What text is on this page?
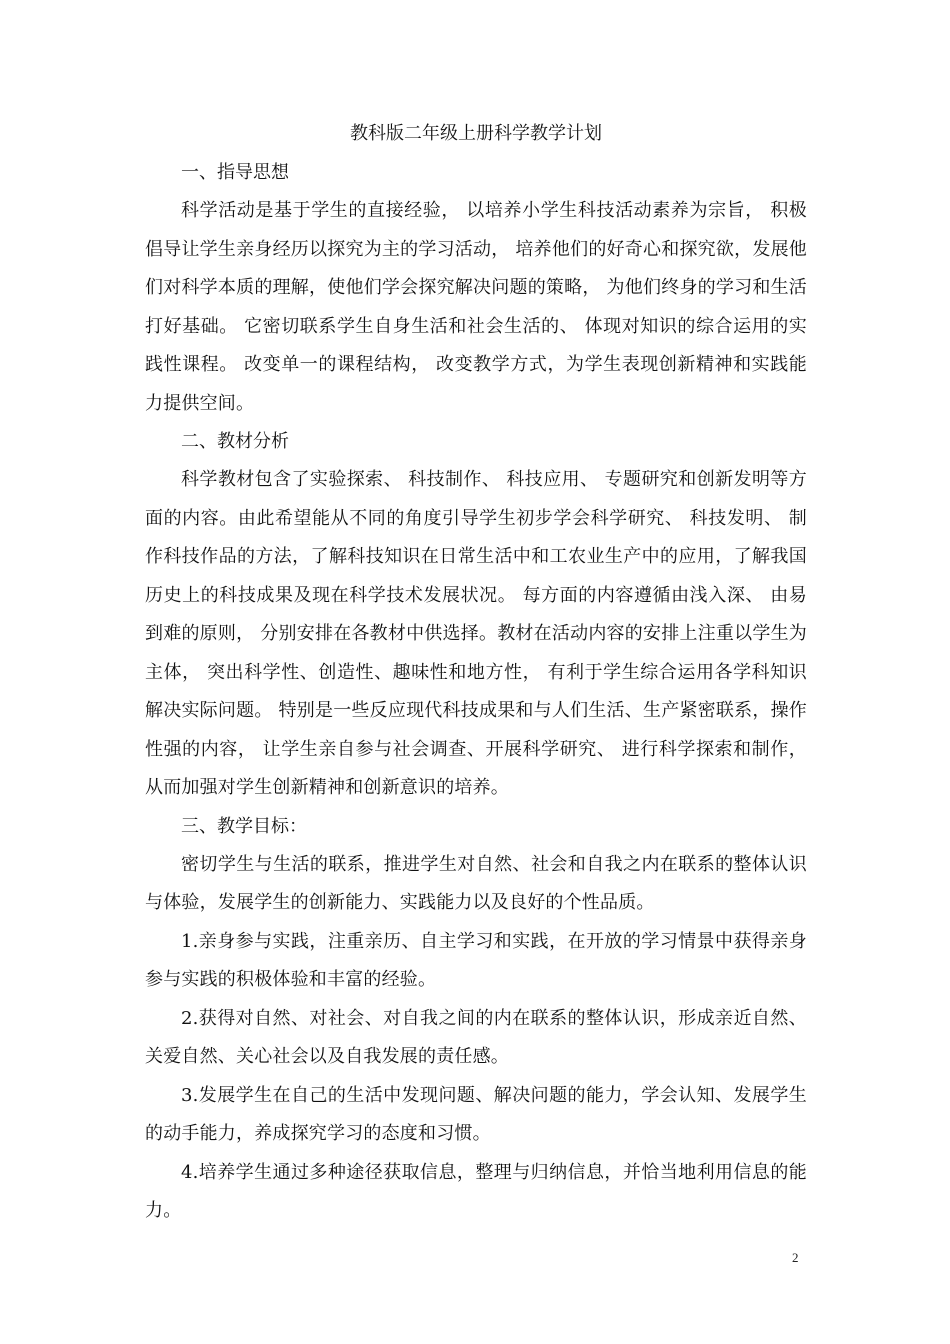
教科版二年级上册科学教学计划

一、指导思想

科学活动是基于学生的直接经验， 以培养小学生科技活动素养为宗旨， 积极倡导让学生亲身经历以探究为主的学习活动， 培养他们的好奇心和探究欲，发展他们对科学本质的理解，使他们学会探究解决问题的策略， 为他们终身的学习和生活打好基础。 它密切联系学生自身生活和社会生活的、 体现对知识的综合运用的实践性课程。 改变单一的课程结构， 改变教学方式，为学生表现创新精神和实践能力提供空间。

二、教材分析

科学教材包含了实验探索、 科技制作、 科技应用、 专题研究和创新发明等方面的内容。由此希望能从不同的角度引导学生初步学会科学研究、 科技发明、 制作科技作品的方法，了解科技知识在日常生活中和工农业生产中的应用，了解我国历史上的科技成果及现在科学技术发展状况。 每方面的内容遵循由浅入深、 由易到难的原则， 分别安排在各教材中供选择。教材在活动内容的安排上注重以学生为主体， 突出科学性、创造性、趣味性和地方性， 有利于学生综合运用各学科知识解决实际问题。 特别是一些反应现代科技成果和与人们生活、生产紧密联系，操作性强的内容， 让学生亲自参与社会调查、开展科学研究、 进行科学探索和制作，从而加强对学生创新精神和创新意识的培养。

三、教学目标：

密切学生与生活的联系，推进学生对自然、社会和自我之内在联系的整体认识与体验，发展学生的创新能力、实践能力以及良好的个性品质。

1.亲身参与实践，注重亲历、自主学习和实践，在开放的学习情景中获得亲身参与实践的积极体验和丰富的经验。

2.获得对自然、对社会、对自我之间的内在联系的整体认识，形成亲近自然、关爱自然、关心社会以及自我发展的责任感。

3.发展学生在自己的生活中发现问题、解决问题的能力，学会认知、发展学生的动手能力，养成探究学习的态度和习惯。

4.培养学生通过多种途径获取信息，整理与归纳信息，并恰当地利用信息的能力。

2
